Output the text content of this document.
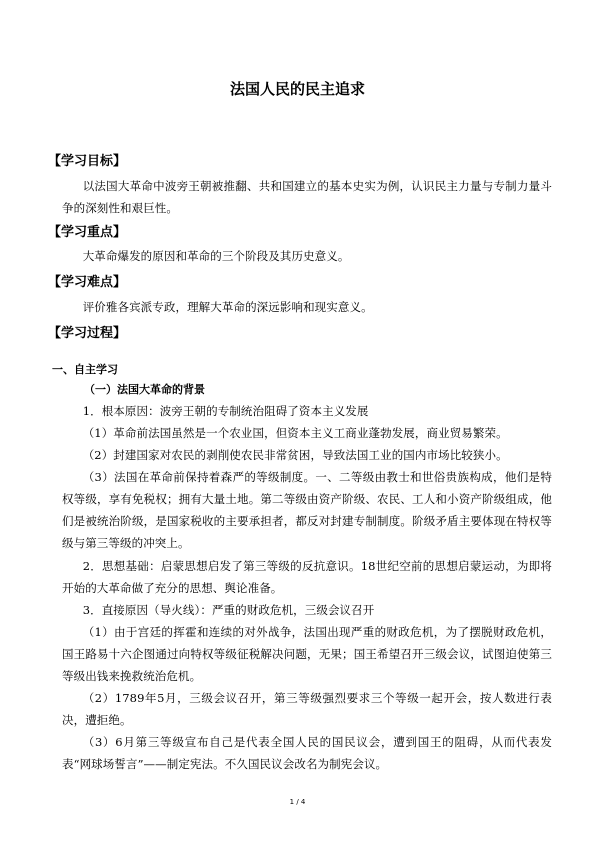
法国人民的民主追求
【学习目标】

以法国大革命中波旁王朝被推翻、共和国建立的基本史实为例，认识民主力量与专制力量斗争的深刻性和艰巨性。

【学习重点】

大革命爆发的原因和革命的三个阶段及其历史意义。

【学习难点】

评价雅各宾派专政，理解大革命的深远影响和现实意义。

【学习过程】
一、自主学习
（一）法国大革命的背景

1．根本原因：波旁王朝的专制统治阻碍了资本主义发展

（1）革命前法国虽然是一个农业国，但资本主义工商业蓬勃发展，商业贸易繁荣。

（2）封建国家对农民的剥削使农民非常贫困，导致法国工业的国内市场比较狭小。

（3）法国在革命前保持着森严的等级制度。一、二等级由教士和世俗贵族构成，他们是特权等级，享有免税权；拥有大量土地。第二等级由资产阶级、农民、工人和小资产阶级组成，他们是被统治阶级，是国家税收的主要承担者，都反对封建专制制度。阶级矛盾主要体现在特权等级与第三等级的冲突上。

2．思想基础：启蒙思想启发了第三等级的反抗意识。18世纪空前的思想启蒙运动，为即将开始的大革命做了充分的思想、舆论准备。

3．直接原因（导火线）：严重的财政危机，三级会议召开

（1）由于宫廷的挥霍和连续的对外战争，法国出现严重的财政危机，为了摆脱财政危机，国王路易十六企图通过向特权等级征税解决问题，无果；国王希望召开三级会议，试图迫使第三等级出钱来挽救统治危机。

（2）1789年5月，三级会议召开，第三等级强烈要求三个等级一起开会，按人数进行表决，遭拒绝。

（3）6月第三等级宣布自己是代表全国人民的国民议会，遭到国王的阻碍，从而代表发表“网球场誓言”——制定宪法。不久国民议会改名为制宪会议。

1 / 4
